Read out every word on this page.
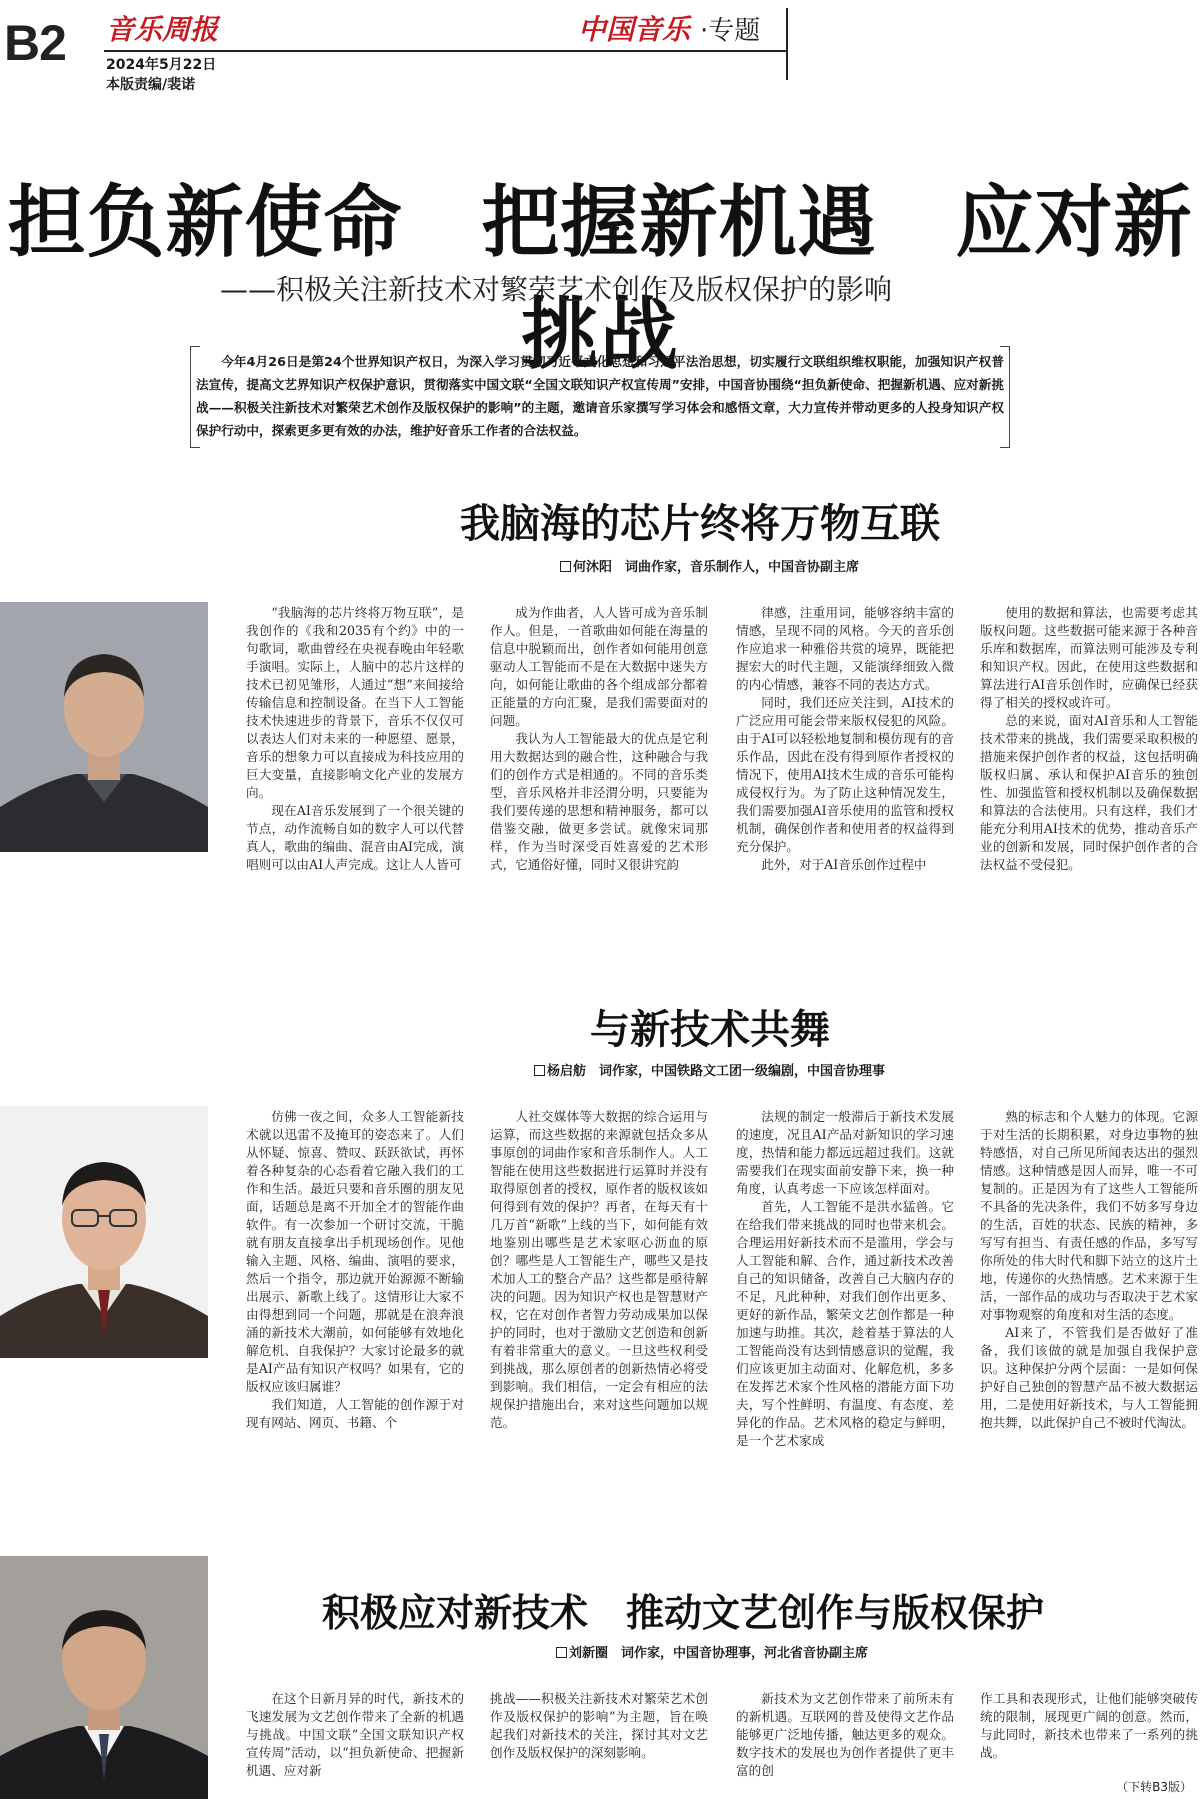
B2 音乐周报	中国音乐 ·专题
2024年5月22日
本版责编/裴诺
担负新使命　把握新机遇　应对新挑战
——积极关注新技术对繁荣艺术创作及版权保护的影响

今年4月26日是第24个世界知识产权日，为深入学习贯彻习近平文化思想和习近平法治思想，切实履行文联组织维权职能，加强知识产权普法宣传，提高文艺界知识产权保护意识，贯彻落实中国文联“全国文联知识产权宣传周”安排，中国音协围绕“担负新使命、把握新机遇、应对新挑战——积极关注新技术对繁荣艺术创作及版权保护的影响”的主题，邀请音乐家撰写学习体会和感悟文章，大力宣传并带动更多的人投身知识产权保护行动中，探索更多更有效的办法，维护好音乐工作者的合法权益。

我脑海的芯片终将万物互联
何沐阳　词曲作家，音乐制作人，中国音协副主席

“我脑海的芯片终将万物互联”，是我创作的《我和2035有个约》中的一句歌词，歌曲曾经在央视春晚由年轻歌手演唱。实际上，人脑中的芯片这样的技术已初见雏形，人通过“想”来间接给传输信息和控制设备。在当下人工智能技术快速进步的背景下，音乐不仅仅可以表达人们对未来的一种愿望、愿景，音乐的想象力可以直接成为科技应用的巨大变量，直接影响文化产业的发展方向。

现在AI音乐发展到了一个很关键的节点，动作流畅自如的数字人可以代替真人，歌曲的编曲、混音由AI完成，演唱则可以由AI人声完成。这让人人皆可

成为作曲者，人人皆可成为音乐制作人。但是，一首歌曲如何能在海量的信息中脱颖而出，创作者如何能用创意驱动人工智能而不是在大数据中迷失方向，如何能让歌曲的各个组成部分都着正能量的方向汇聚，是我们需要面对的问题。

我认为人工智能最大的优点是它利用大数据达到的融合性，这种融合与我们的创作方式是相通的。不同的音乐类型，音乐风格并非泾渭分明，只要能为我们要传递的思想和精神服务，都可以借鉴交融，做更多尝试。就像宋词那样，作为当时深受百姓喜爱的艺术形式，它通俗好懂，同时又很讲究韵

律感，注重用词，能够容纳丰富的情感，呈现不同的风格。今天的音乐创作应追求一种雅俗共赏的境界，既能把握宏大的时代主题，又能演绎细致入微的内心情感，兼容不同的表达方式。

同时，我们还应关注到，AI技术的广泛应用可能会带来版权侵犯的风险。由于AI可以轻松地复制和模仿现有的音乐作品，因此在没有得到原作者授权的情况下，使用AI技术生成的音乐可能构成侵权行为。为了防止这种情况发生，我们需要加强AI音乐使用的监管和授权机制，确保创作者和使用者的权益得到充分保护。

此外，对于AI音乐创作过程中

使用的数据和算法，也需要考虑其版权问题。这些数据可能来源于各种音乐库和数据库，而算法则可能涉及专利和知识产权。因此，在使用这些数据和算法进行AI音乐创作时，应确保已经获得了相关的授权或许可。

总的来说，面对AI音乐和人工智能技术带来的挑战，我们需要采取积极的措施来保护创作者的权益，这包括明确版权归属、承认和保护AI音乐的独创性、加强监管和授权机制以及确保数据和算法的合法使用。只有这样，我们才能充分利用AI技术的优势，推动音乐产业的创新和发展，同时保护创作者的合法权益不受侵犯。

与新技术共舞
杨启舫　词作家，中国铁路文工团一级编剧，中国音协理事

仿佛一夜之间，众多人工智能新技术就以迅雷不及掩耳的姿态来了。人们从怀疑、惊喜、赞叹、跃跃欲试，再怀着各种复杂的心态看着它融入我们的工作和生活。最近只要和音乐圈的朋友见面，话题总是离不开加全才的智能作曲软件。有一次参加一个研讨交流，干脆就有朋友直接拿出手机现场创作。见他输入主题、风格、编曲、演唱的要求，然后一个指令，那边就开始源源不断输出展示、新歌上线了。这情形让大家不由得想到同一个问题，那就是在浪奔浪涌的新技术大潮前，如何能够有效地化解危机、自我保护？大家讨论最多的就是AI产品有知识产权吗？如果有，它的版权应该归属谁？

我们知道，人工智能的创作源于对现有网站、网页、书籍、个

人社交媒体等大数据的综合运用与运算，而这些数据的来源就包括众多从事原创的词曲作家和音乐制作人。人工智能在使用这些数据进行运算时并没有取得原创者的授权，原作者的版权该如何得到有效的保护？再者，在每天有十几万首“新歌”上线的当下，如何能有效地鉴别出哪些是艺术家呕心沥血的原创？哪些是人工智能生产，哪些又是技术加人工的整合产品？这些都是亟待解决的问题。因为知识产权也是智慧财产权，它在对创作者智力劳动成果加以保护的同时，也对于激励文艺创造和创新有着非常重大的意义。一旦这些权利受到挑战，那么原创者的创新热情必将受到影响。我们相信，一定会有相应的法规保护措施出台，来对这些问题加以规范。

法规的制定一般滞后于新技术发展的速度，况且AI产品对新知识的学习速度，热情和能力都远远超过我们。这就需要我们在现实面前安静下来，换一种角度，认真考虑一下应该怎样面对。

首先，人工智能不是洪水猛兽。它在给我们带来挑战的同时也带来机会。合理运用好新技术而不是滥用，学会与人工智能和解、合作，通过新技术改善自己的知识储备，改善自己大脑内存的不足，凡此种种，对我们创作出更多、更好的新作品，繁荣文艺创作都是一种加速与助推。其次，趁着基于算法的人工智能尚没有达到情感意识的觉醒，我们应该更加主动面对、化解危机，多多在发挥艺术家个性风格的潜能方面下功夫，写个性鲜明、有温度、有态度、差异化的作品。艺术风格的稳定与鲜明，是一个艺术家成

熟的标志和个人魅力的体现。它源于对生活的长期积累，对身边事物的独特感悟，对自己所见所闻表达出的强烈情感。这种情感是因人而异，唯一不可复制的。正是因为有了这些人工智能所不具备的先决条件，我们不妨多写身边的生活，百姓的状态、民族的精神，多写写有担当、有责任感的作品，多写写你所处的伟大时代和脚下站立的这片土地，传递你的火热情感。艺术来源于生活，一部作品的成功与否取决于艺术家对事物观察的角度和对生活的态度。

AI来了，不管我们是否做好了准备，我们该做的就是加强自我保护意识。这种保护分两个层面：一是如何保护好自己独创的智慧产品不被大数据运用，二是使用好新技术，与人工智能拥抱共舞，以此保护自己不被时代淘汰。

积极应对新技术　推动文艺创作与版权保护
刘新圈　词作家，中国音协理事，河北省音协副主席

在这个日新月异的时代，新技术的飞速发展为文艺创作带来了全新的机遇与挑战。中国文联“全国文联知识产权宣传周”活动，以“担负新使命、把握新机遇、应对新

挑战——积极关注新技术对繁荣艺术创作及版权保护的影响”为主题，旨在唤起我们对新技术的关注，探讨其对文艺创作及版权保护的深刻影响。

新技术为文艺创作带来了前所未有的新机遇。互联网的普及使得文艺作品能够更广泛地传播，触达更多的观众。数字技术的发展也为创作者提供了更丰富的创

作工具和表现形式，让他们能够突破传统的限制，展现更广阔的创意。然而，与此同时，新技术也带来了一系列的挑战。

（下转B3版）
